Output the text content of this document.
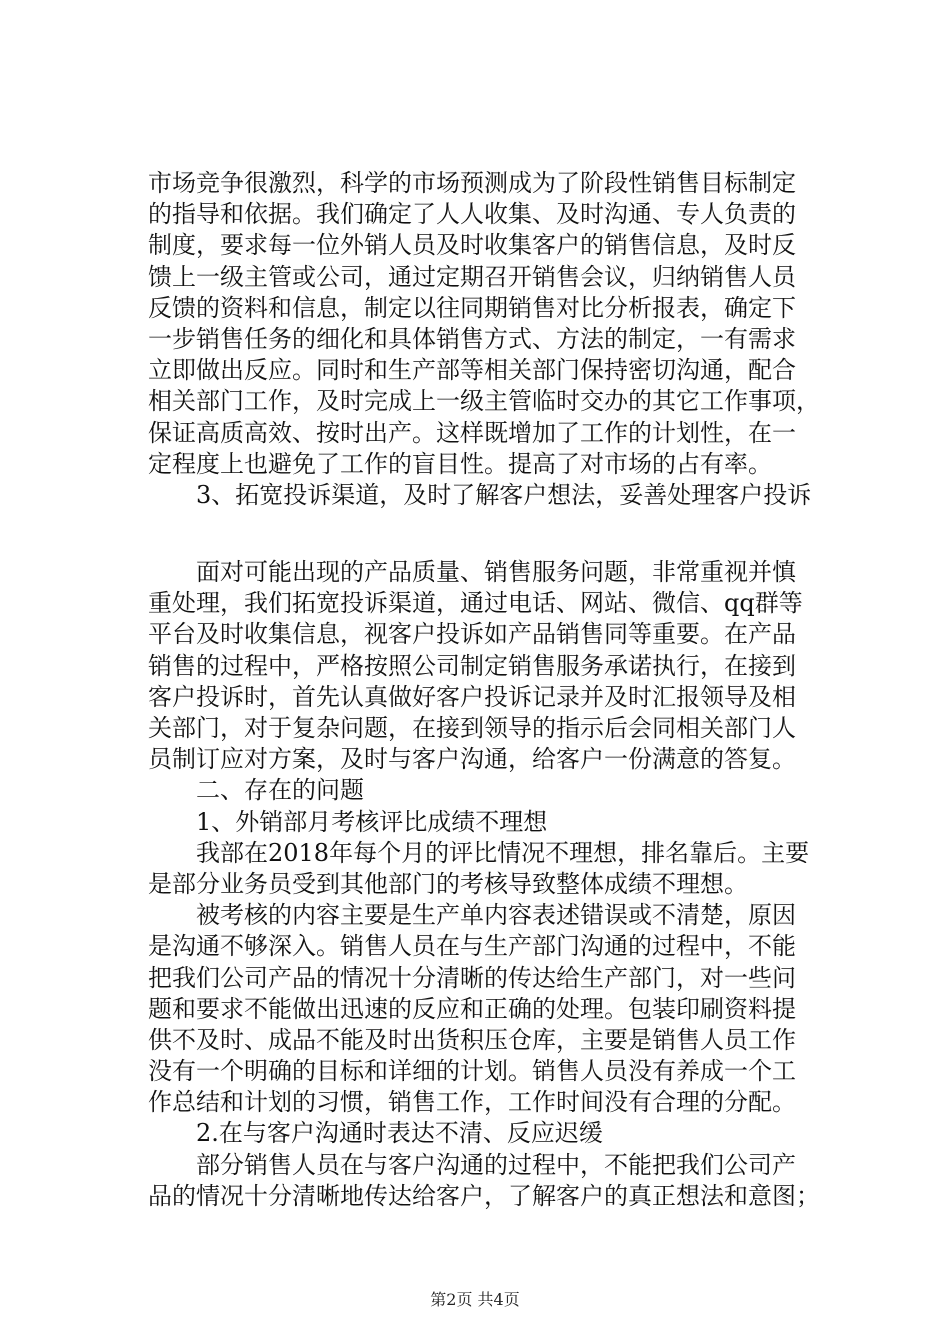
市场竞争很激烈，科学的市场预测成为了阶段性销售目标制定
的指导和依据。我们确定了人人收集、及时沟通、专人负责的
制度，要求每一位外销人员及时收集客户的销售信息，及时反
馈上一级主管或公司，通过定期召开销售会议，归纳销售人员
反馈的资料和信息，制定以往同期销售对比分析报表，确定下
一步销售任务的细化和具体销售方式、方法的制定，一有需求
立即做出反应。同时和生产部等相关部门保持密切沟通，配合
相关部门工作，及时完成上一级主管临时交办的其它工作事项，
保证高质高效、按时出产。这样既增加了工作的计划性，在一
定程度上也避免了工作的盲目性。提高了对市场的占有率。
　　3、拓宽投诉渠道，及时了解客户想法，妥善处理客户投诉
　　面对可能出现的产品质量、销售服务问题，非常重视并慎
重处理，我们拓宽投诉渠道，通过电话、网站、微信、qq群等
平台及时收集信息，视客户投诉如产品销售同等重要。在产品
销售的过程中，严格按照公司制定销售服务承诺执行，在接到
客户投诉时，首先认真做好客户投诉记录并及时汇报领导及相
关部门，对于复杂问题，在接到领导的指示后会同相关部门人
员制订应对方案，及时与客户沟通，给客户一份满意的答复。
　　二、存在的问题
　　1、外销部月考核评比成绩不理想
　　我部在2018年每个月的评比情况不理想，排名靠后。主要
是部分业务员受到其他部门的考核导致整体成绩不理想。
　　被考核的内容主要是生产单内容表述错误或不清楚，原因
是沟通不够深入。销售人员在与生产部门沟通的过程中，不能
把我们公司产品的情况十分清晰的传达给生产部门，对一些问
题和要求不能做出迅速的反应和正确的处理。包装印刷资料提
供不及时、成品不能及时出货积压仓库，主要是销售人员工作
没有一个明确的目标和详细的计划。销售人员没有养成一个工
作总结和计划的习惯，销售工作，工作时间没有合理的分配。
　　2.在与客户沟通时表达不清、反应迟缓
　　部分销售人员在与客户沟通的过程中，不能把我们公司产
品的情况十分清晰地传达给客户，了解客户的真正想法和意图；
第2页 共4页
